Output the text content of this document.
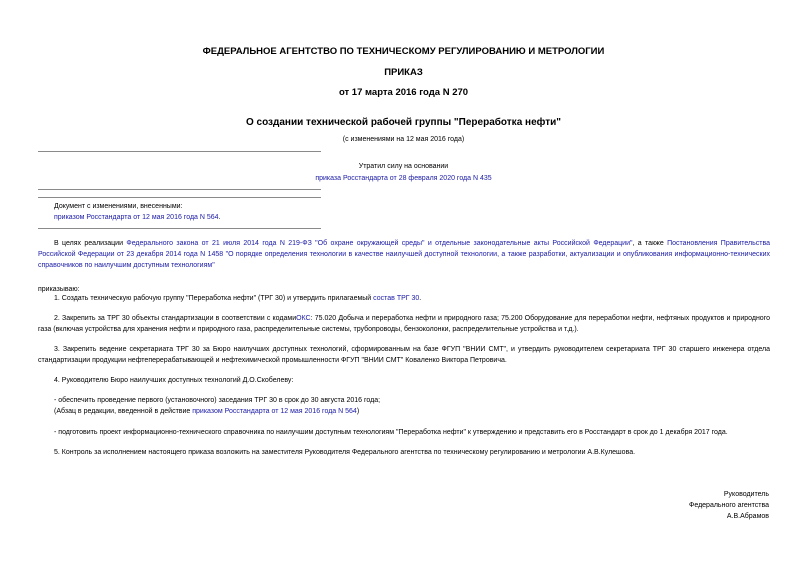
ФЕДЕРАЛЬНОЕ АГЕНТСТВО ПО ТЕХНИЧЕСКОМУ РЕГУЛИРОВАНИЮ И МЕТРОЛОГИИ
ПРИКАЗ
от 17 марта 2016 года N 270
О создании технической рабочей группы "Переработка нефти"
(с изменениями на 12 мая 2016 года)
Утратил силу на основании
приказа Росстандарта от 28 февраля 2020 года N 435
Документ с изменениями, внесенными:
приказом Росстандарта от 12 мая 2016 года N 564.
В целях реализации Федерального закона от 21 июля 2014 года N 219-ФЗ "Об охране окружающей среды" и отдельные законодательные акты Российской Федерации", а также Постановления Правительства Российской Федерации от 23 декабря 2014 года N 1458 "О порядке определения технологии в качестве наилучшей доступной технологии, а также разработки, актуализации и опубликования информационно-технических справочников по наилучшим доступным технологиям"
приказываю:
1. Создать техническую рабочую группу "Переработка нефти" (ТРГ 30) и утвердить прилагаемый состав ТРГ 30.
2. Закрепить за ТРГ 30 объекты стандартизации в соответствии с кодамиОКС: 75.020 Добыча и переработка нефти и природного газа; 75.200 Оборудование для переработки нефти, нефтяных продуктов и природного газа (включая устройства для хранения нефти и природного газа, распределительные системы, трубопроводы, бензоколонки, распределительные устройства и т.д.).
3. Закрепить ведение секретариата ТРГ 30 за Бюро наилучших доступных технологий, сформированным на базе ФГУП "ВНИИ СМТ", и утвердить руководителем секретариата ТРГ 30 старшего инженера отдела стандартизации продукции нефтеперерабатывающей и нефтехимической промышленности ФГУП "ВНИИ СМТ" Коваленко Виктора Петровича.
4. Руководителю Бюро наилучших доступных технологий Д.О.Скобелеву:
- обеспечить проведение первого (установочного) заседания ТРГ 30 в срок до 30 августа 2016 года;
(Абзац в редакции, введенной в действие приказом Росстандарта от 12 мая 2016 года N 564)
- подготовить проект информационно-технического справочника по наилучшим доступным технологиям "Переработка нефти" к утверждению и представить его в Росстандарт в срок до 1 декабря 2017 года.
5. Контроль за исполнением настоящего приказа возложить на заместителя Руководителя Федерального агентства по техническому регулированию и метрологии А.В.Кулешова.
Руководитель
Федерального агентства
А.В.Абрамов
